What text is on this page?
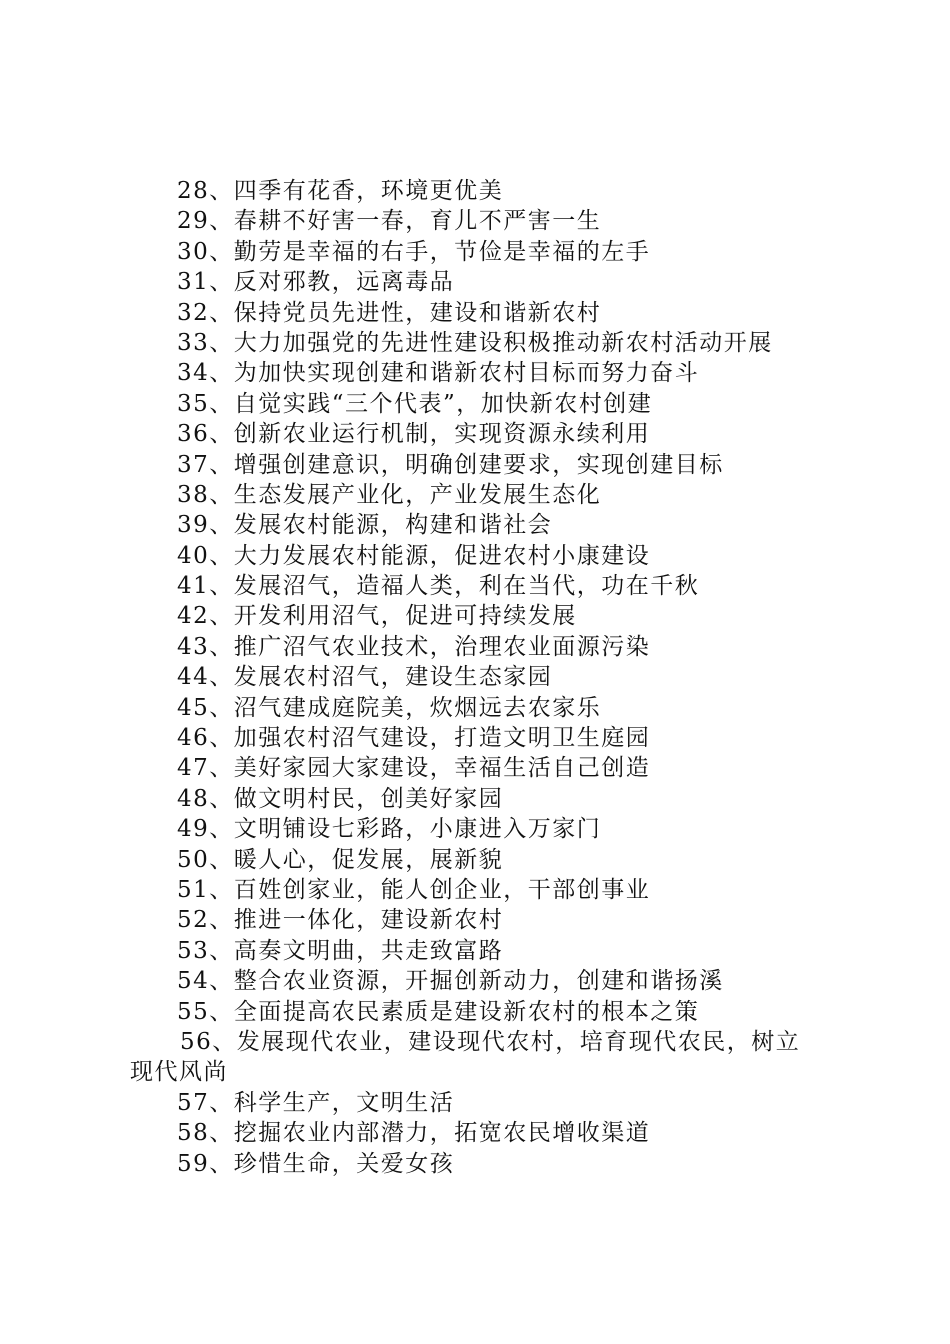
28、四季有花香，环境更优美
29、春耕不好害一春，育儿不严害一生
30、勤劳是幸福的右手，节俭是幸福的左手
31、反对邪教，远离毒品
32、保持党员先进性，建设和谐新农村
33、大力加强党的先进性建设积极推动新农村活动开展
34、为加快实现创建和谐新农村目标而努力奋斗
35、自觉实践“三个代表”，加快新农村创建
36、创新农业运行机制，实现资源永续利用
37、增强创建意识，明确创建要求，实现创建目标
38、生态发展产业化，产业发展生态化
39、发展农村能源，构建和谐社会
40、大力发展农村能源，促进农村小康建设
41、发展沼气，造福人类，利在当代，功在千秋
42、开发利用沼气，促进可持续发展
43、推广沼气农业技术，治理农业面源污染
44、发展农村沼气，建设生态家园
45、沼气建成庭院美，炊烟远去农家乐
46、加强农村沼气建设，打造文明卫生庭园
47、美好家园大家建设，幸福生活自己创造
48、做文明村民，创美好家园
49、文明铺设七彩路，小康进入万家门
50、暖人心，促发展，展新貌
51、百姓创家业，能人创企业，干部创事业
52、推进一体化，建设新农村
53、高奏文明曲，共走致富路
54、整合农业资源，开掘创新动力，创建和谐扬溪
55、全面提高农民素质是建设新农村的根本之策
56、发展现代农业，建设现代农村，培育现代农民，树立
现代风尚
57、科学生产，文明生活
58、挖掘农业内部潜力，拓宽农民增收渠道
59、珍惜生命，关爱女孩
